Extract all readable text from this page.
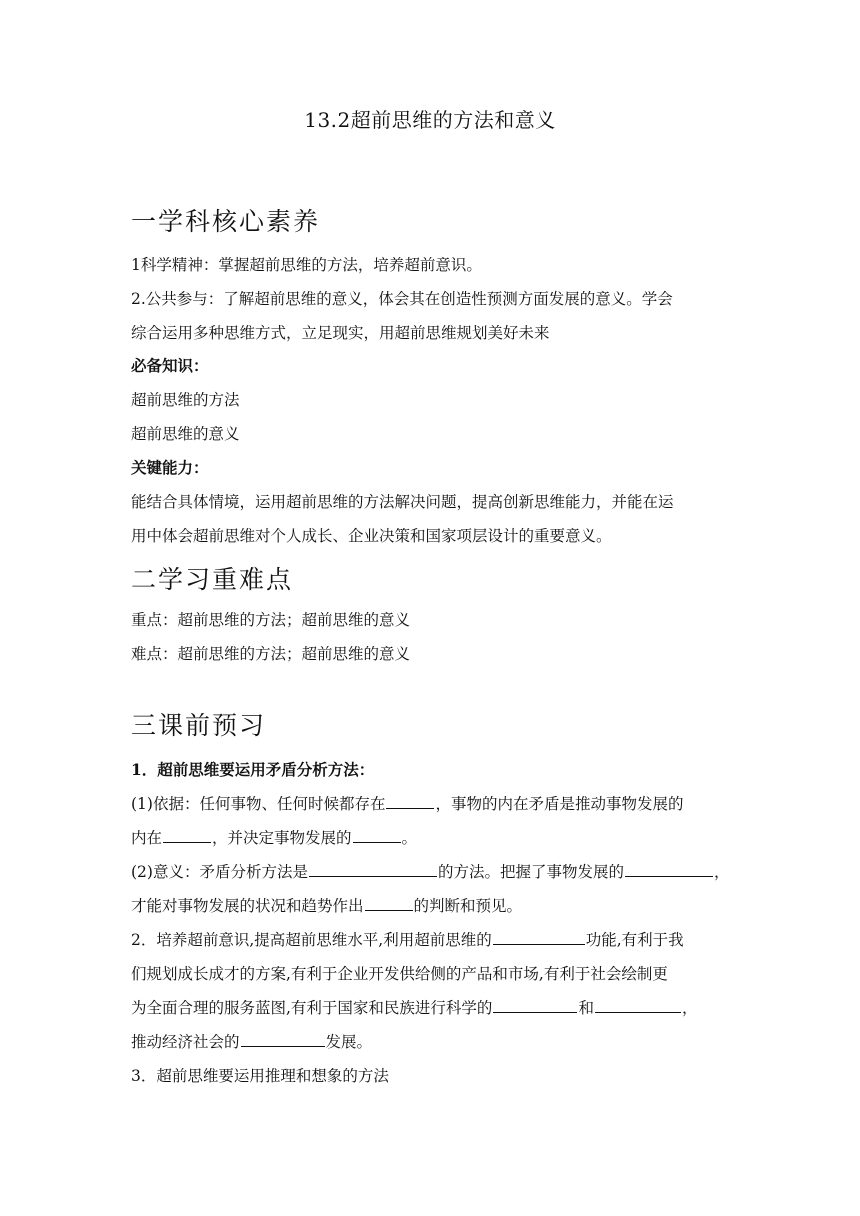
13.2超前思维的方法和意义
一学科核心素养
1科学精神：掌握超前思维的方法，培养超前意识。
2.公共参与：了解超前思维的意义，体会其在创造性预测方面发展的意义。学会
综合运用多种思维方式，立足现实，用超前思维规划美好未来
必备知识：
超前思维的方法
超前思维的意义
关键能力：
能结合具体情境，运用超前思维的方法解决问题，提高创新思维能力，并能在运
用中体会超前思维对个人成长、企业决策和国家项层设计的重要意义。
二学习重难点
重点：超前思维的方法；超前思维的意义
难点：超前思维的方法；超前思维的意义
三课前预习
1．超前思维要运用矛盾分析方法：
(1)依据：任何事物、任何时候都存在	，事物的内在矛盾是推动事物发展的
内在	，并决定事物发展的	。
(2)意义：矛盾分析方法是	的方法。把握了事物发展的	，
才能对事物发展的状况和趋势作出	的判断和预见。
2．培养超前意识,提高超前思维水平,利用超前思维的	功能,有利于我
们规划成长成才的方案,有利于企业开发供给侧的产品和市场,有利于社会绘制更
为全面合理的服务蓝图,有利于国家和民族进行科学的	和	，
推动经济社会的	发展。
3．超前思维要运用推理和想象的方法
